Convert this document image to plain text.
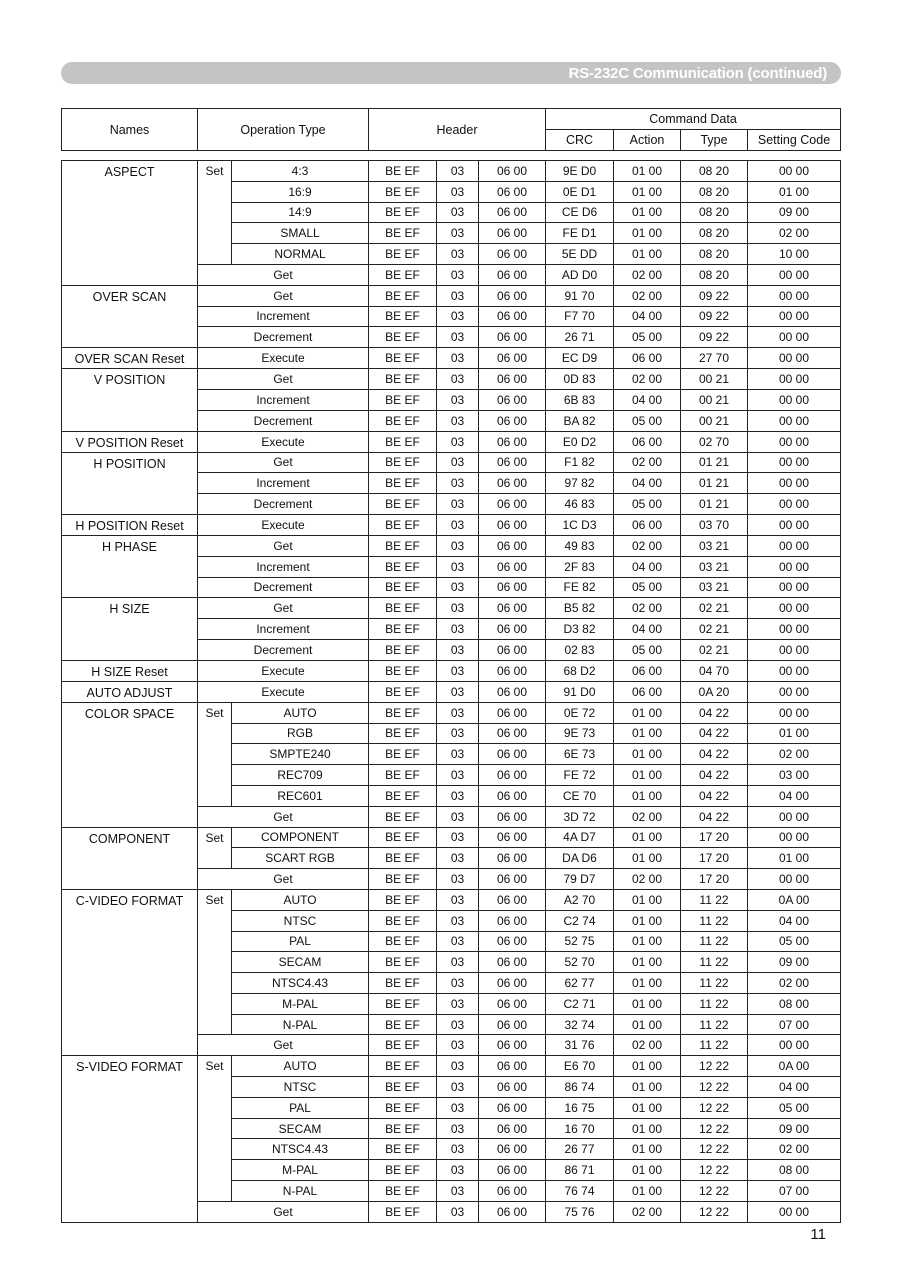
RS-232C Communication (continued)
Names	Operation Type	Header	Command Data			
			CRC	Action	Type	Setting Code
ASPECT	Set	4:3	BE EF	03	06 00	9E D0	01 00	08 20	00 00
		16:9	BE EF	03	06 00	0E D1	01 00	08 20	01 00
		14:9	BE EF	03	06 00	CE D6	01 00	08 20	09 00
		SMALL	BE EF	03	06 00	FE D1	01 00	08 20	02 00
		NORMAL	BE EF	03	06 00	5E DD	01 00	08 20	10 00
	Get		BE EF	03	06 00	AD D0	02 00	08 20	00 00
OVER SCAN	Get		BE EF	03	06 00	91 70	02 00	09 22	00 00
	Increment		BE EF	03	06 00	F7 70	04 00	09 22	00 00
	Decrement		BE EF	03	06 00	26 71	05 00	09 22	00 00
OVER SCAN Reset	Execute		BE EF	03	06 00	EC D9	06 00	27 70	00 00
V POSITION	Get		BE EF	03	06 00	0D 83	02 00	00 21	00 00
	Increment		BE EF	03	06 00	6B 83	04 00	00 21	00 00
	Decrement		BE EF	03	06 00	BA 82	05 00	00 21	00 00
V POSITION Reset	Execute		BE EF	03	06 00	E0 D2	06 00	02 70	00 00
H POSITION	Get		BE EF	03	06 00	F1 82	02 00	01 21	00 00
	Increment		BE EF	03	06 00	97 82	04 00	01 21	00 00
	Decrement		BE EF	03	06 00	46 83	05 00	01 21	00 00
H POSITION Reset	Execute		BE EF	03	06 00	1C D3	06 00	03 70	00 00
H PHASE	Get		BE EF	03	06 00	49 83	02 00	03 21	00 00
	Increment		BE EF	03	06 00	2F 83	04 00	03 21	00 00
	Decrement		BE EF	03	06 00	FE 82	05 00	03 21	00 00
H SIZE	Get		BE EF	03	06 00	B5 82	02 00	02 21	00 00
	Increment		BE EF	03	06 00	D3 82	04 00	02 21	00 00
	Decrement		BE EF	03	06 00	02 83	05 00	02 21	00 00
H SIZE Reset	Execute		BE EF	03	06 00	68 D2	06 00	04 70	00 00
AUTO ADJUST	Execute		BE EF	03	06 00	91 D0	06 00	0A 20	00 00
COLOR SPACE	Set	AUTO	BE EF	03	06 00	0E 72	01 00	04 22	00 00
		RGB	BE EF	03	06 00	9E 73	01 00	04 22	01 00
		SMPTE240	BE EF	03	06 00	6E 73	01 00	04 22	02 00
		REC709	BE EF	03	06 00	FE 72	01 00	04 22	03 00
		REC601	BE EF	03	06 00	CE 70	01 00	04 22	04 00
	Get		BE EF	03	06 00	3D 72	02 00	04 22	00 00
COMPONENT	Set	COMPONENT	BE EF	03	06 00	4A D7	01 00	17 20	00 00
		SCART RGB	BE EF	03	06 00	DA D6	01 00	17 20	01 00
	Get		BE EF	03	06 00	79 D7	02 00	17 20	00 00
C-VIDEO FORMAT	Set	AUTO	BE EF	03	06 00	A2 70	01 00	11 22	0A 00
		NTSC	BE EF	03	06 00	C2 74	01 00	11 22	04 00
		PAL	BE EF	03	06 00	52 75	01 00	11 22	05 00
		SECAM	BE EF	03	06 00	52 70	01 00	11 22	09 00
		NTSC4.43	BE EF	03	06 00	62 77	01 00	11 22	02 00
		M-PAL	BE EF	03	06 00	C2 71	01 00	11 22	08 00
		N-PAL	BE EF	03	06 00	32 74	01 00	11 22	07 00
	Get		BE EF	03	06 00	31 76	02 00	11 22	00 00
S-VIDEO FORMAT	Set	AUTO	BE EF	03	06 00	E6 70	01 00	12 22	0A 00
		NTSC	BE EF	03	06 00	86 74	01 00	12 22	04 00
		PAL	BE EF	03	06 00	16 75	01 00	12 22	05 00
		SECAM	BE EF	03	06 00	16 70	01 00	12 22	09 00
		NTSC4.43	BE EF	03	06 00	26 77	01 00	12 22	02 00
		M-PAL	BE EF	03	06 00	86 71	01 00	12 22	08 00
		N-PAL	BE EF	03	06 00	76 74	01 00	12 22	07 00
	Get		BE EF	03	06 00	75 76	02 00	12 22	00 00
11
